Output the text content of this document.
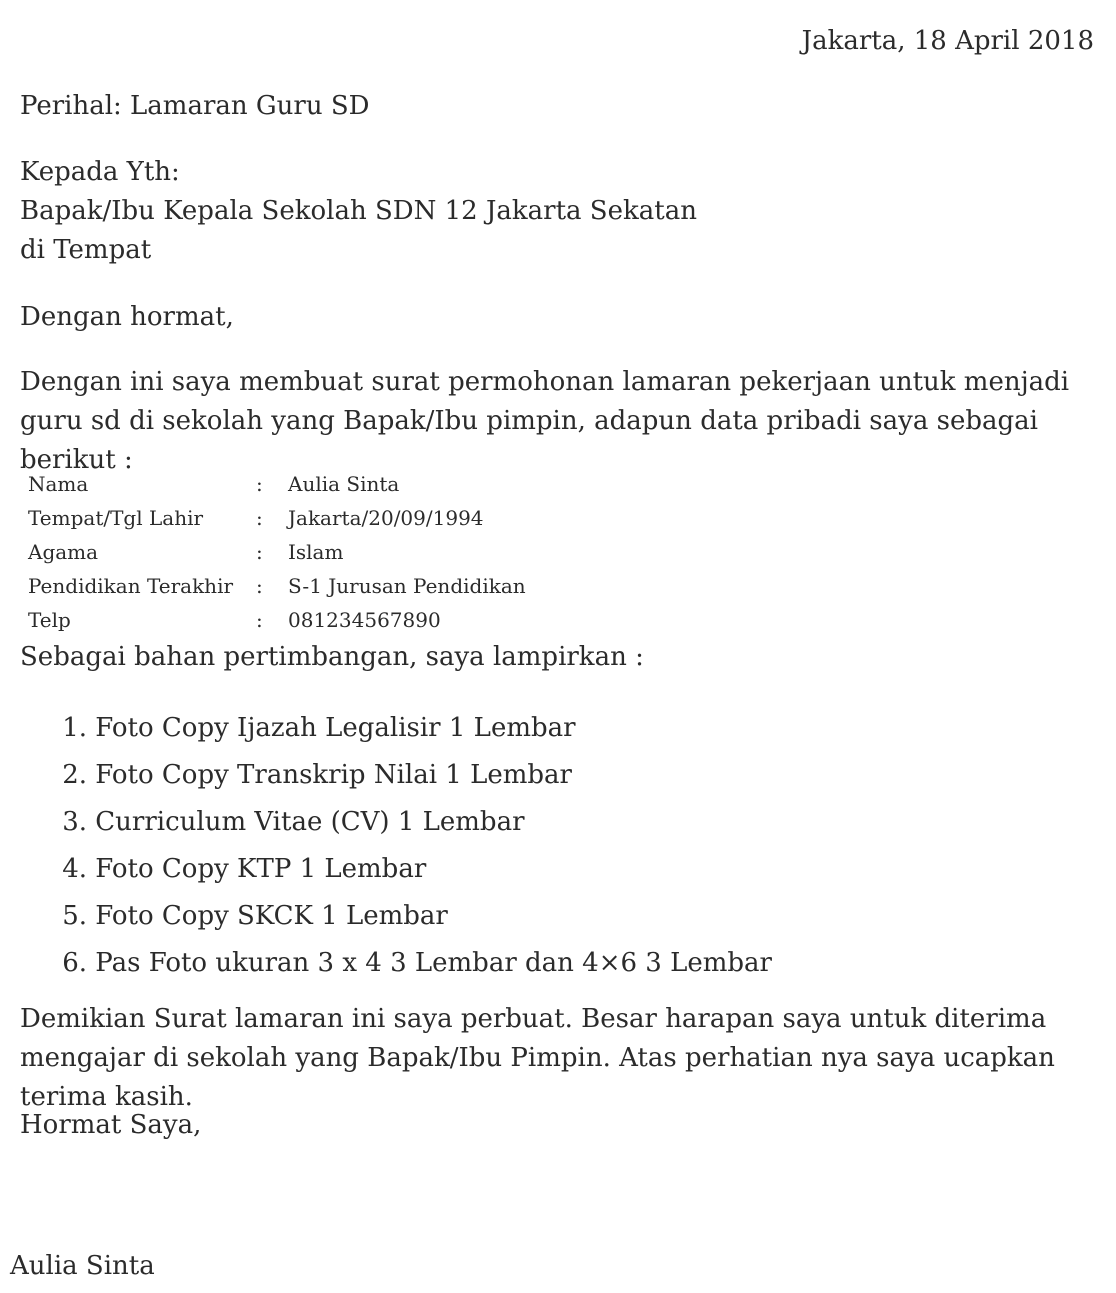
Jakarta, 18 April 2018
Perihal: Lamaran Guru SD
Kepada Yth:
Bapak/Ibu Kepala Sekolah SDN 12 Jakarta Sekatan
di Tempat
Dengan hormat,
Dengan ini saya membuat surat permohonan lamaran pekerjaan untuk menjadi guru sd di sekolah yang Bapak/Ibu pimpin, adapun data pribadi saya sebagai berikut :
Nama	:	Aulia Sinta
Tempat/Tgl Lahir	:	Jakarta/20/09/1994
Agama	:	Islam
Pendidikan Terakhir	:	S-1 Jurusan Pendidikan
Telp	:	081234567890
Sebagai bahan pertimbangan, saya lampirkan :
1. Foto Copy Ijazah Legalisir 1 Lembar
2. Foto Copy Transkrip Nilai 1 Lembar
3. Curriculum Vitae (CV) 1 Lembar
4. Foto Copy KTP 1 Lembar
5. Foto Copy SKCK 1 Lembar
6. Pas Foto ukuran 3 x 4 3 Lembar dan 4×6 3 Lembar
Demikian Surat lamaran ini saya perbuat. Besar harapan saya untuk diterima mengajar di sekolah yang Bapak/Ibu Pimpin. Atas perhatian nya saya ucapkan terima kasih.
Hormat Saya,
Aulia Sinta
